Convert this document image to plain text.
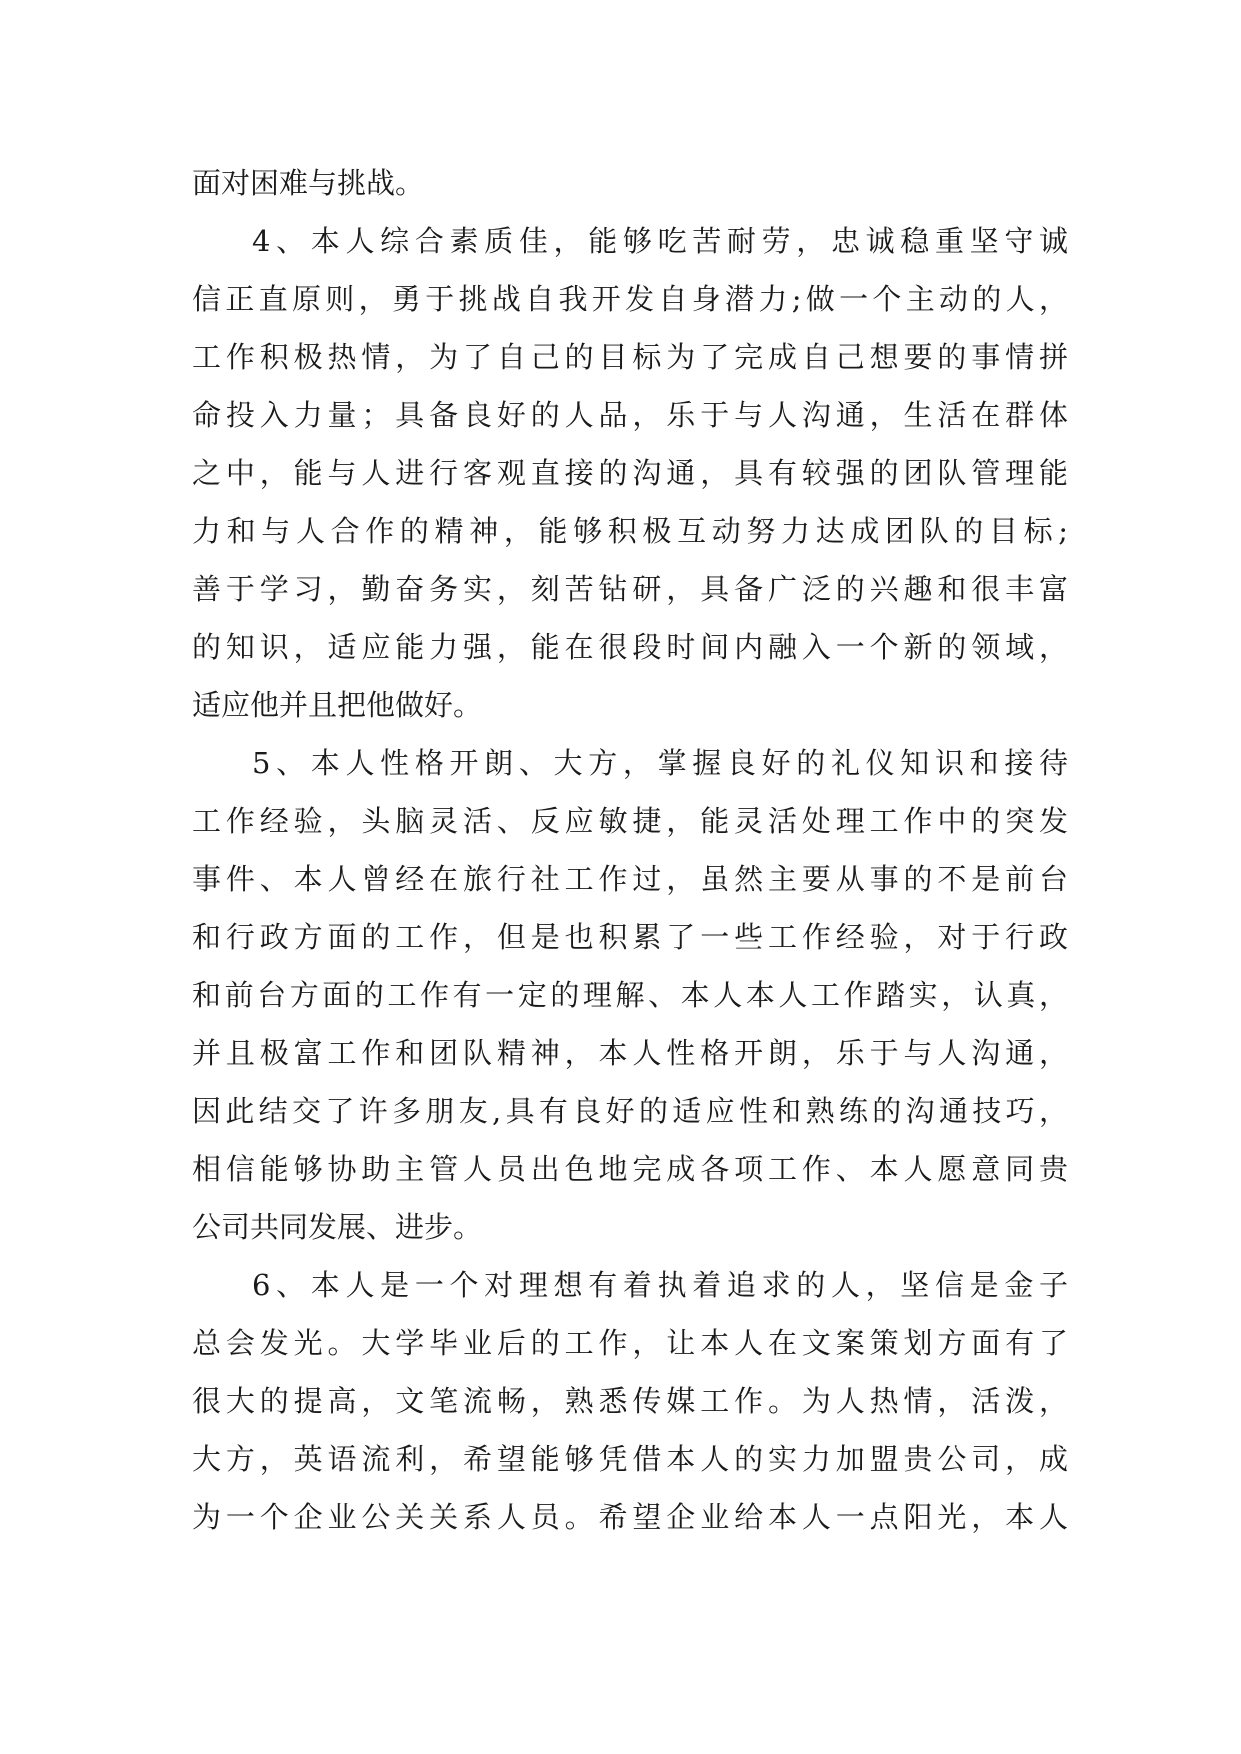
面对困难与挑战。
4、本人综合素质佳，能够吃苦耐劳，忠诚稳重坚守诚
信正直原则，勇于挑战自我开发自身潜力;做一个主动的人，
工作积极热情，为了自己的目标为了完成自己想要的事情拼
命投入力量；具备良好的人品，乐于与人沟通，生活在群体
之中，能与人进行客观直接的沟通，具有较强的团队管理能
力和与人合作的精神，能够积极互动努力达成团队的目标;
善于学习，勤奋务实，刻苦钻研，具备广泛的兴趣和很丰富
的知识，适应能力强，能在很段时间内融入一个新的领域，
适应他并且把他做好。
5、本人性格开朗、大方，掌握良好的礼仪知识和接待
工作经验，头脑灵活、反应敏捷，能灵活处理工作中的突发
事件、本人曾经在旅行社工作过，虽然主要从事的不是前台
和行政方面的工作，但是也积累了一些工作经验，对于行政
和前台方面的工作有一定的理解、本人本人工作踏实，认真，
并且极富工作和团队精神，本人性格开朗，乐于与人沟通，
因此结交了许多朋友,具有良好的适应性和熟练的沟通技巧，
相信能够协助主管人员出色地完成各项工作、本人愿意同贵
公司共同发展、进步。
6、本人是一个对理想有着执着追求的人，坚信是金子
总会发光。大学毕业后的工作，让本人在文案策划方面有了
很大的提高，文笔流畅，熟悉传媒工作。为人热情，活泼，
大方，英语流利，希望能够凭借本人的实力加盟贵公司，成
为一个企业公关关系人员。希望企业给本人一点阳光，本人
